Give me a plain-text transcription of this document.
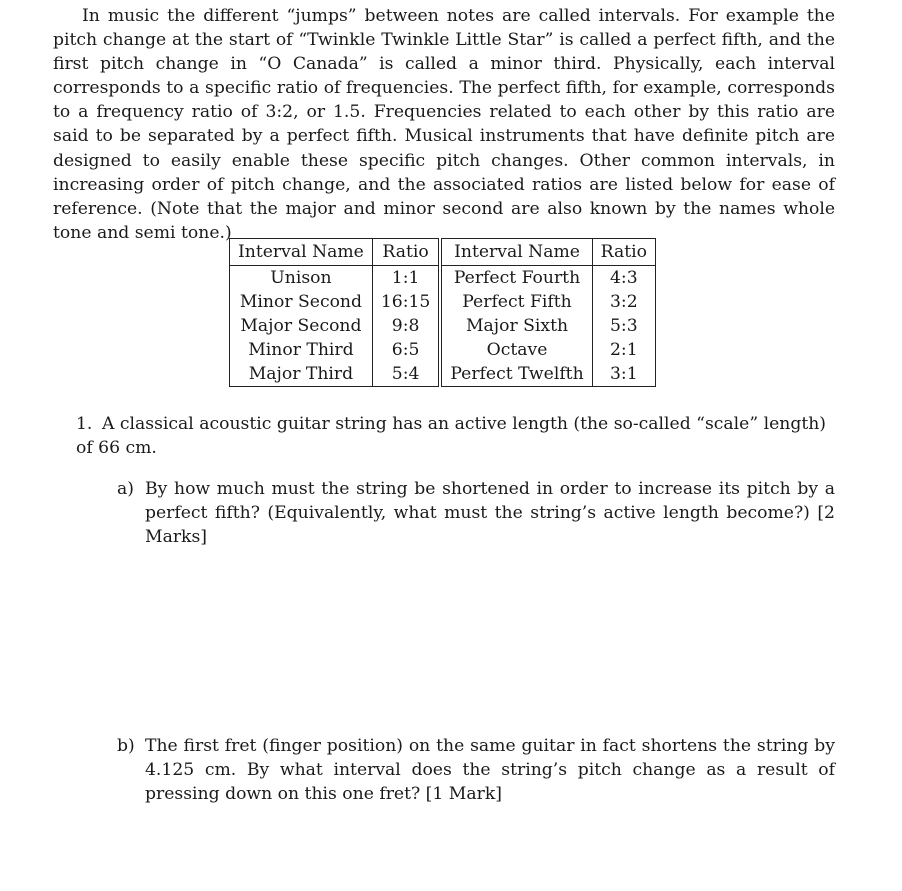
In music the different “jumps” between notes are called intervals. For example the pitch change at the start of “Twinkle Twinkle Little Star” is called a perfect fifth, and the first pitch change in “O Canada” is called a minor third. Physically, each interval corresponds to a specific ratio of frequencies. The perfect fifth, for example, corresponds to a frequency ratio of 3:2, or 1.5. Frequencies related to each other by this ratio are said to be separated by a perfect fifth. Musical instruments that have definite pitch are designed to easily enable these specific pitch changes. Other common intervals, in increasing order of pitch change, and the associated ratios are listed below for ease of reference. (Note that the major and minor second are also known by the names whole tone and semi tone.)

Interval Name	Ratio	Interval Name	Ratio
Unison	1:1	Perfect Fourth	4:3
Minor Second	16:15	Perfect Fifth	3:2
Major Second	9:8	Major Sixth	5:3
Minor Third	6:5	Octave	2:1
Major Third	5:4	Perfect Twelfth	3:1
1. A classical acoustic guitar string has an active length (the so-called “scale” length) of 66 cm.
a) By how much must the string be shortened in order to increase its pitch by a perfect fifth? (Equivalently, what must the string’s active length become?) [2 Marks]
b) The first fret (finger position) on the same guitar in fact shortens the string by 4.125 cm. By what interval does the string’s pitch change as a result of pressing down on this one fret? [1 Mark]
